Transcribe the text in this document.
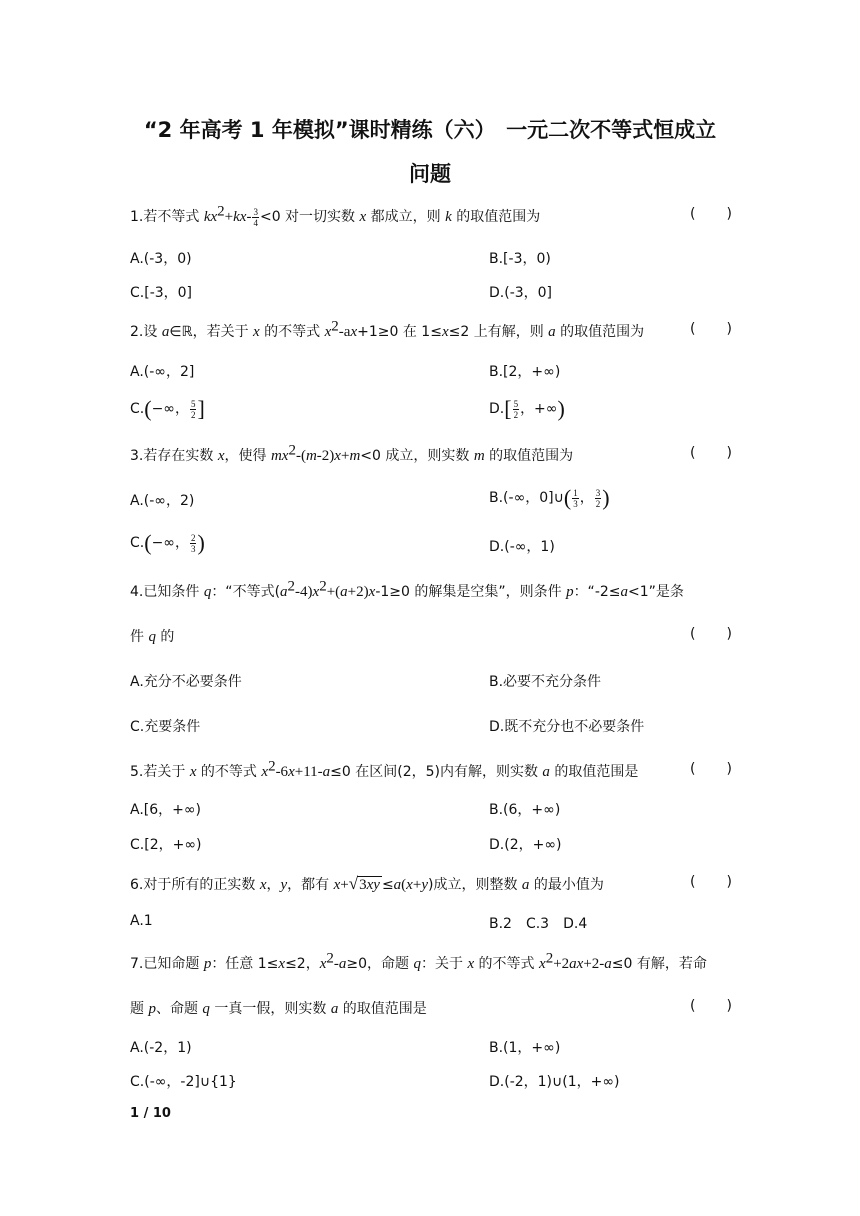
“2 年高考 1 年模拟”课时精练（六）　一元二次不等式恒成立
问题
1.若不等式 $kx^2+kx- \frac{3}{4} <0$ 对一切实数 x 都成立，则 k 的取值范围为	( )
A.(-3，0)	B.[-3，0)
C.[-3，0]	D.(-3，0]
2.设 a∈ℝ，若关于 x 的不等式 $x^2-ax+1\ge 0$ 在 1≤x≤2 上有解，则 a 的取值范围为	( )
A.(-∞，2]	B.[2，+∞)
C.(−∞， $\frac{5}{2}$ ]	$D.[ \frac{5}{2}$ ，+∞)
3.若存在实数 x，使得 $mx^2-(m-2)x+m<0$ 成立，则实数 m 的取值范围为	( )
A.(-∞，2)	B.(-∞，0]∪( $\frac{1}{3}$ ， $\frac{3}{2}$ )
C.(−∞， $\frac{2}{3}$ )	D.(-∞，1)
4.已知条件 q：“不等式$(a^2-4)x^2+(a+2)x-1\ge 0$ 的解集是空集”，则条件 p：“-2≤a<1”是条
件 q 的	( )
A.充分不必要条件	B.必要不充分条件
C.充要条件	D.既不充分也不必要条件
5.若关于 x 的不等式 $x^2-6x+11-a\le 0$ 在区间(2，5)内有解，则实数 a 的取值范围是	( )
A.[6，+∞)	B.(6，+∞)
C.[2，+∞)	D.(2，+∞)
6.对于所有的正实数 x，y，都有 x+√3xy ≤a(x+y)成立，则整数 a 的最小值为	( )
A.1	B.2　C.3　D.4
7.已知命题 p：任意 1≤x≤2，$x^2-a\ge 0$，命题 q：关于 x 的不等式 $x^2+2ax+2-a\le 0$ 有解，若命
题 p、命题 q 一真一假，则实数 a 的取值范围是	( )
A.(-2，1)	B.(1，+∞)
C.(-∞，-2]∪{1}	D.(-2，1)∪(1，+∞)
1 / 10
